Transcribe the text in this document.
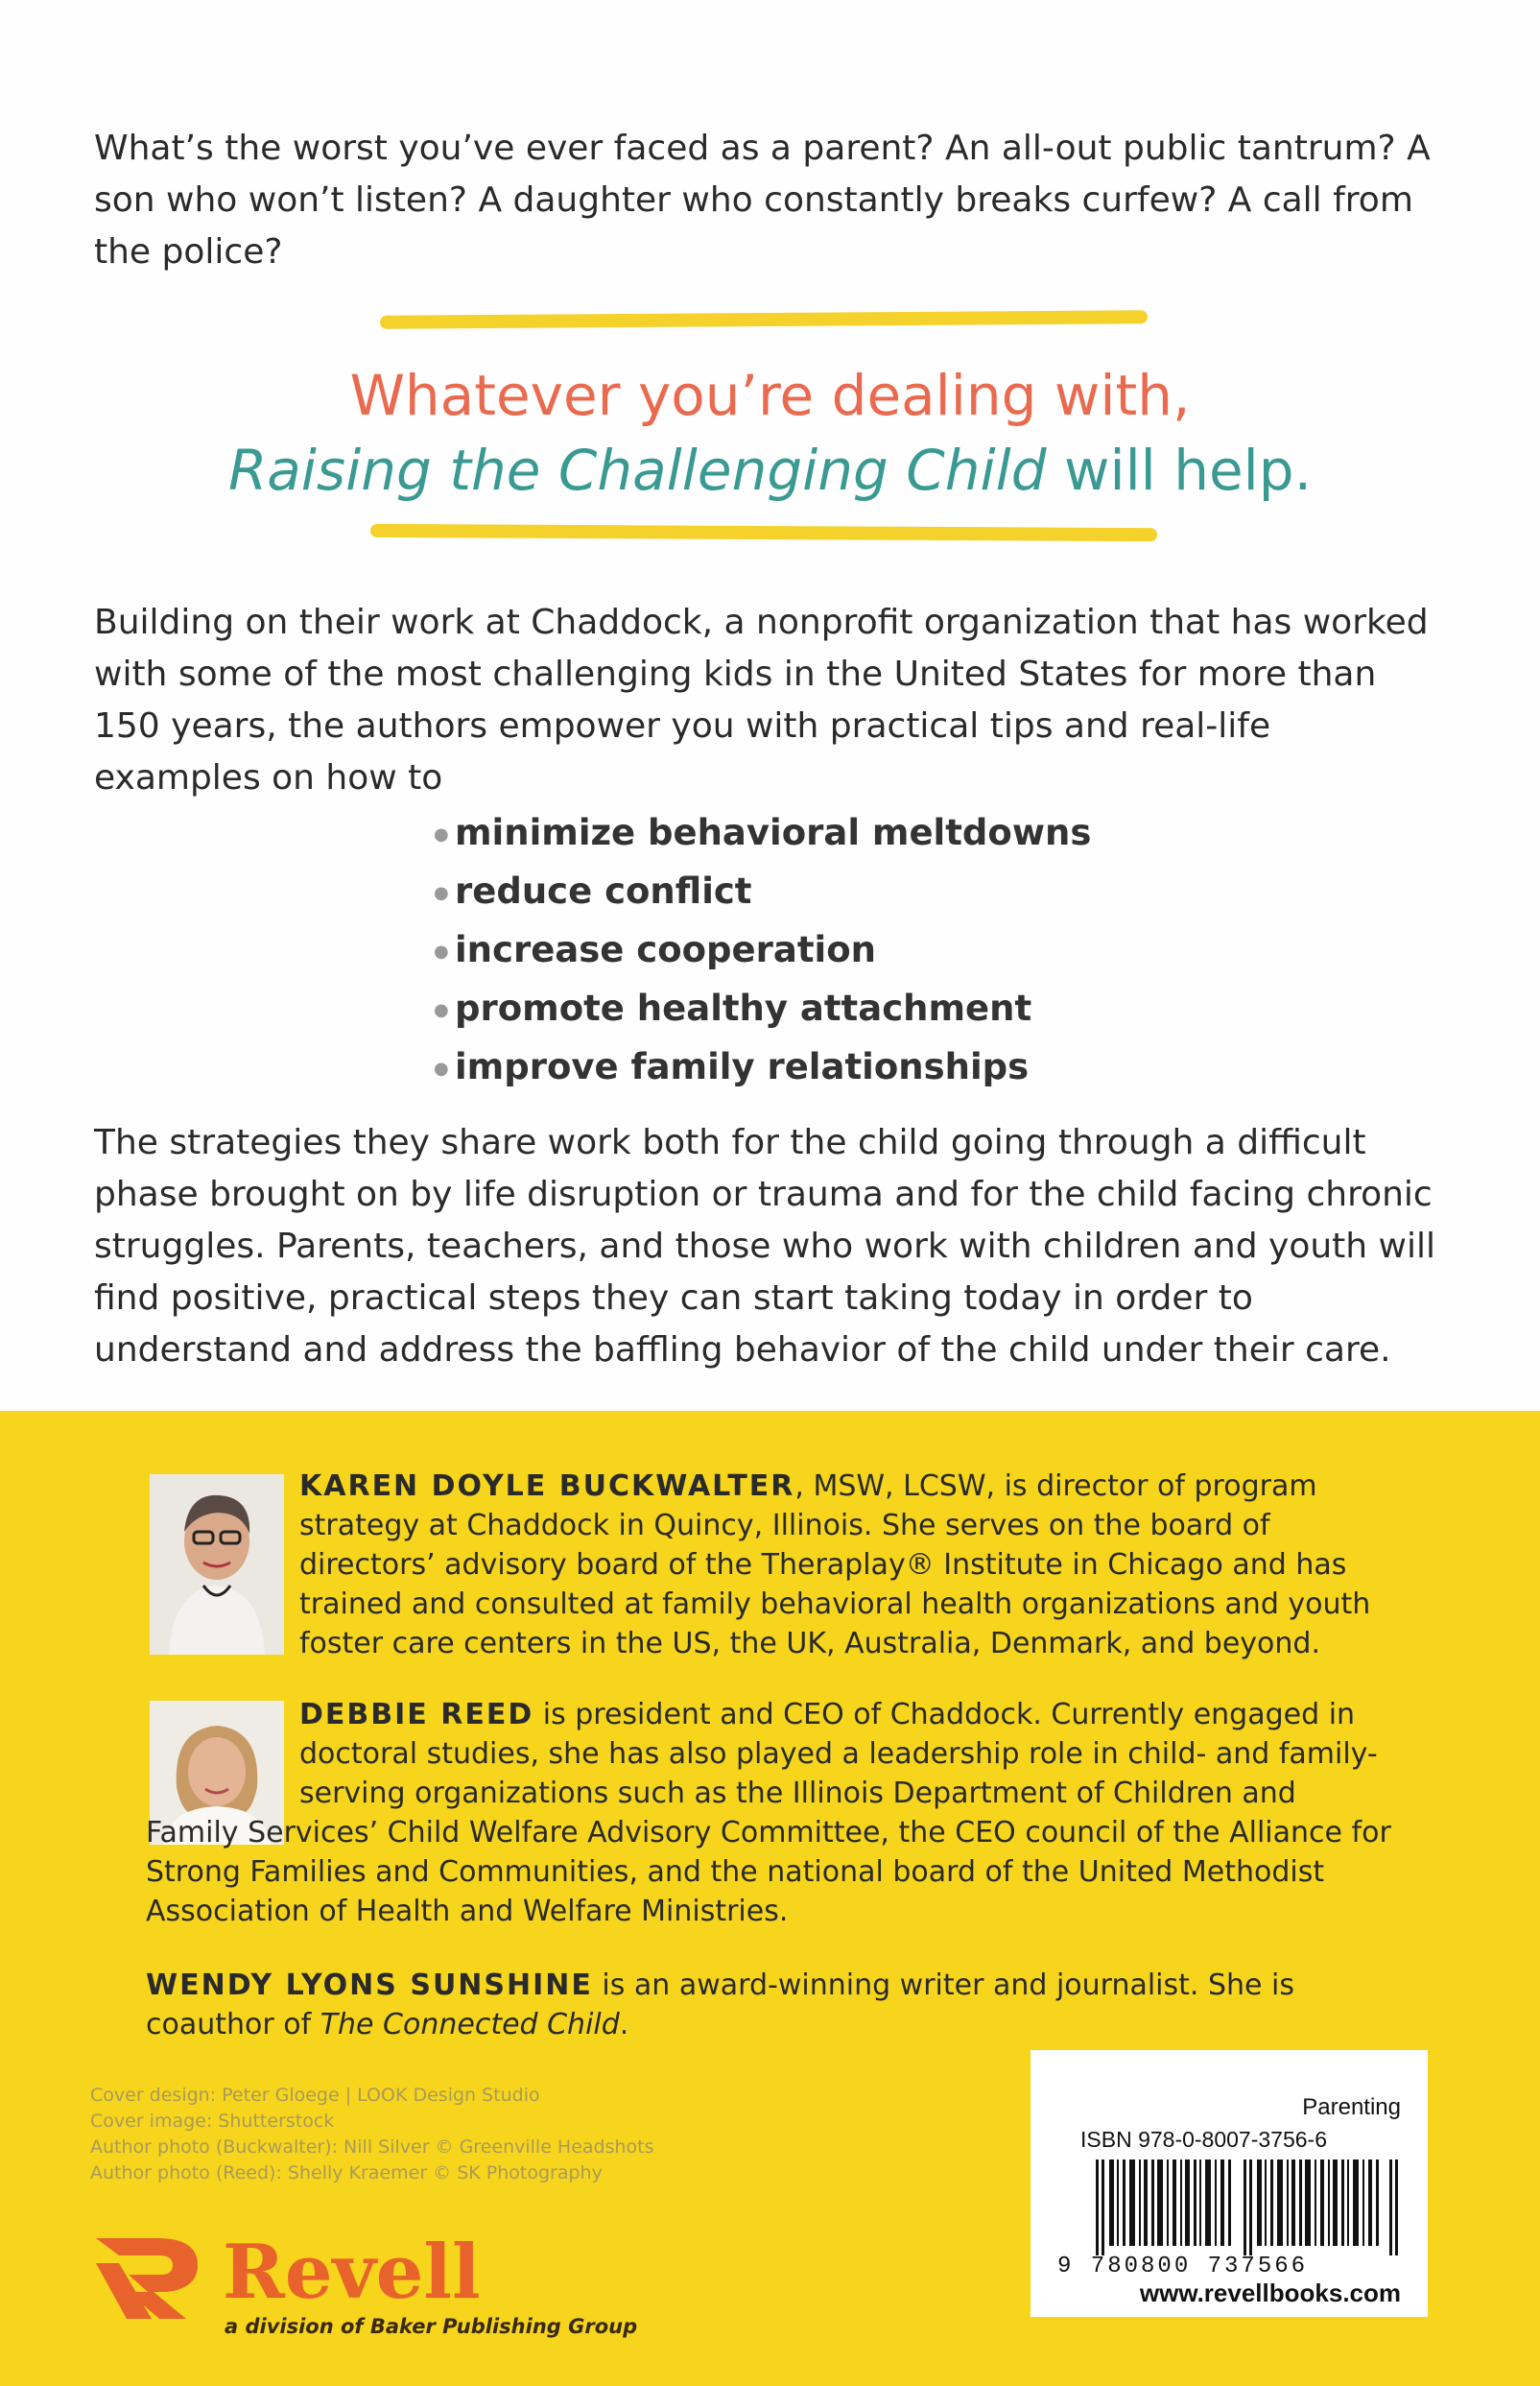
What’s the worst you’ve ever faced as a parent? An all-out public tantrum? A son who won’t listen? A daughter who constantly breaks curfew? A call from the police?
Whatever you’re dealing with,
Raising the Challenging Child will help.
Building on their work at Chaddock, a nonprofit organization that has worked with some of the most challenging kids in the United States for more than 150 years, the authors empower you with practical tips and real-life examples on how to
● minimize behavioral meltdowns
● reduce conflict
● increase cooperation
● promote healthy attachment
● improve family relationships
The strategies they share work both for the child going through a difficult phase brought on by life disruption or trauma and for the child facing chronic struggles. Parents, teachers, and those who work with children and youth will find positive, practical steps they can start taking today in order to understand and address the baffling behavior of the child under their care.
KAREN DOYLE BUCKWALTER, MSW, LCSW, is director of program strategy at Chaddock in Quincy, Illinois. She serves on the board of directors’ advisory board of the Theraplay® Institute in Chicago and has trained and consulted at family behavioral health organizations and youth foster care centers in the US, the UK, Australia, Denmark, and beyond.
DEBBIE REED is president and CEO of Chaddock. Currently engaged in doctoral studies, she has also played a leadership role in child- and family-serving organizations such as the Illinois Department of Children and
Family Services’ Child Welfare Advisory Committee, the CEO council of the Alliance for Strong Families and Communities, and the national board of the United Methodist Association of Health and Welfare Ministries.
WENDY LYONS SUNSHINE is an award-winning writer and journalist. She is coauthor of The Connected Child.
Cover design: Peter Gloege | LOOK Design Studio
Cover image: Shutterstock
Author photo (Buckwalter): Nill Silver © Greenville Headshots
Author photo (Reed): Shelly Kraemer © SK Photography
Revell
a division of Baker Publishing Group
Parenting
ISBN 978-0-8007-3756-6
9 780800 737566
www.revellbooks.com
